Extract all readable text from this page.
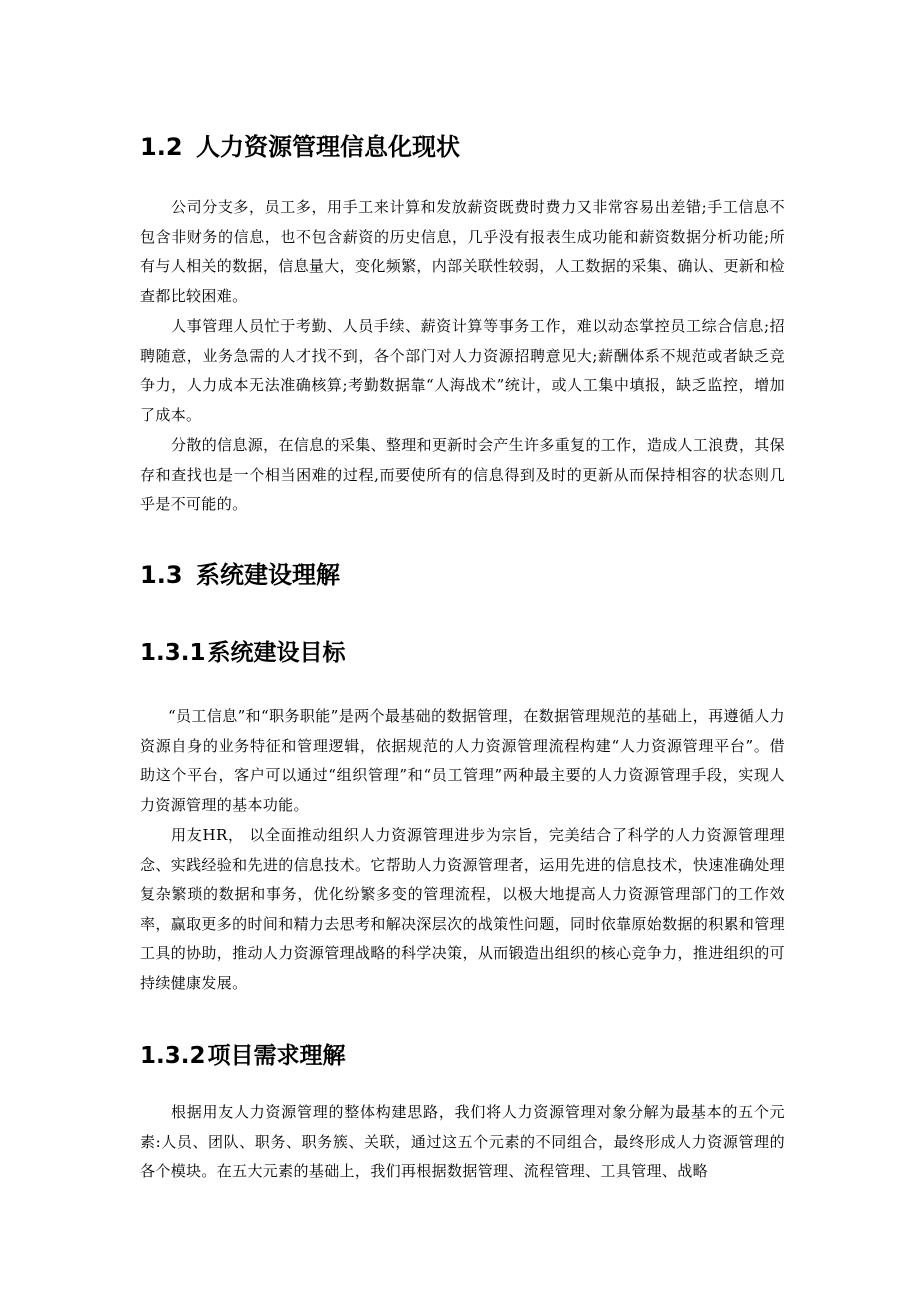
1.2 人力资源管理信息化现状

公司分支多，员工多，用手工来计算和发放薪资既费时费力又非常容易出差错;手工信息不包含非财务的信息，也不包含薪资的历史信息，几乎没有报表生成功能和薪资数据分析功能;所有与人相关的数据，信息量大，变化频繁，内部关联性较弱，人工数据的采集、确认、更新和检查都比较困难。

人事管理人员忙于考勤、人员手续、薪资计算等事务工作，难以动态掌控员工综合信息;招聘随意，业务急需的人才找不到，各个部门对人力资源招聘意见大;薪酬体系不规范或者缺乏竞争力，人力成本无法准确核算;考勤数据靠“人海战术”统计，或人工集中填报，缺乏监控，增加了成本。

分散的信息源，在信息的采集、整理和更新时会产生许多重复的工作，造成人工浪费，其保存和查找也是一个相当困难的过程,而要使所有的信息得到及时的更新从而保持相容的状态则几乎是不可能的。

1.3 系统建设理解
1.3.1系统建设目标

“员工信息”和“职务职能”是两个最基础的数据管理，在数据管理规范的基础上，再遵循人力资源自身的业务特征和管理逻辑，依据规范的人力资源管理流程构建“人力资源管理平台”。借助这个平台，客户可以通过“组织管理”和“员工管理”两种最主要的人力资源管理手段，实现人力资源管理的基本功能。

用友HR， 以全面推动组织人力资源管理进步为宗旨，完美结合了科学的人力资源管理理念、实践经验和先进的信息技术。它帮助人力资源管理者，运用先进的信息技术，快速准确处理复杂繁琐的数据和事务，优化纷繁多变的管理流程，以极大地提高人力资源管理部门的工作效率，赢取更多的时间和精力去思考和解决深层次的战策性问题，同时依靠原始数据的积累和管理工具的协助，推动人力资源管理战略的科学决策，从而锻造出组织的核心竞争力，推进组织的可持续健康发展。

1.3.2项目需求理解

根据用友人力资源管理的整体构建思路，我们将人力资源管理对象分解为最基本的五个元素:人员、团队、职务、职务簇、关联，通过这五个元素的不同组合，最终形成人力资源管理的各个模块。在五大元素的基础上，我们再根据数据管理、流程管理、工具管理、战略
